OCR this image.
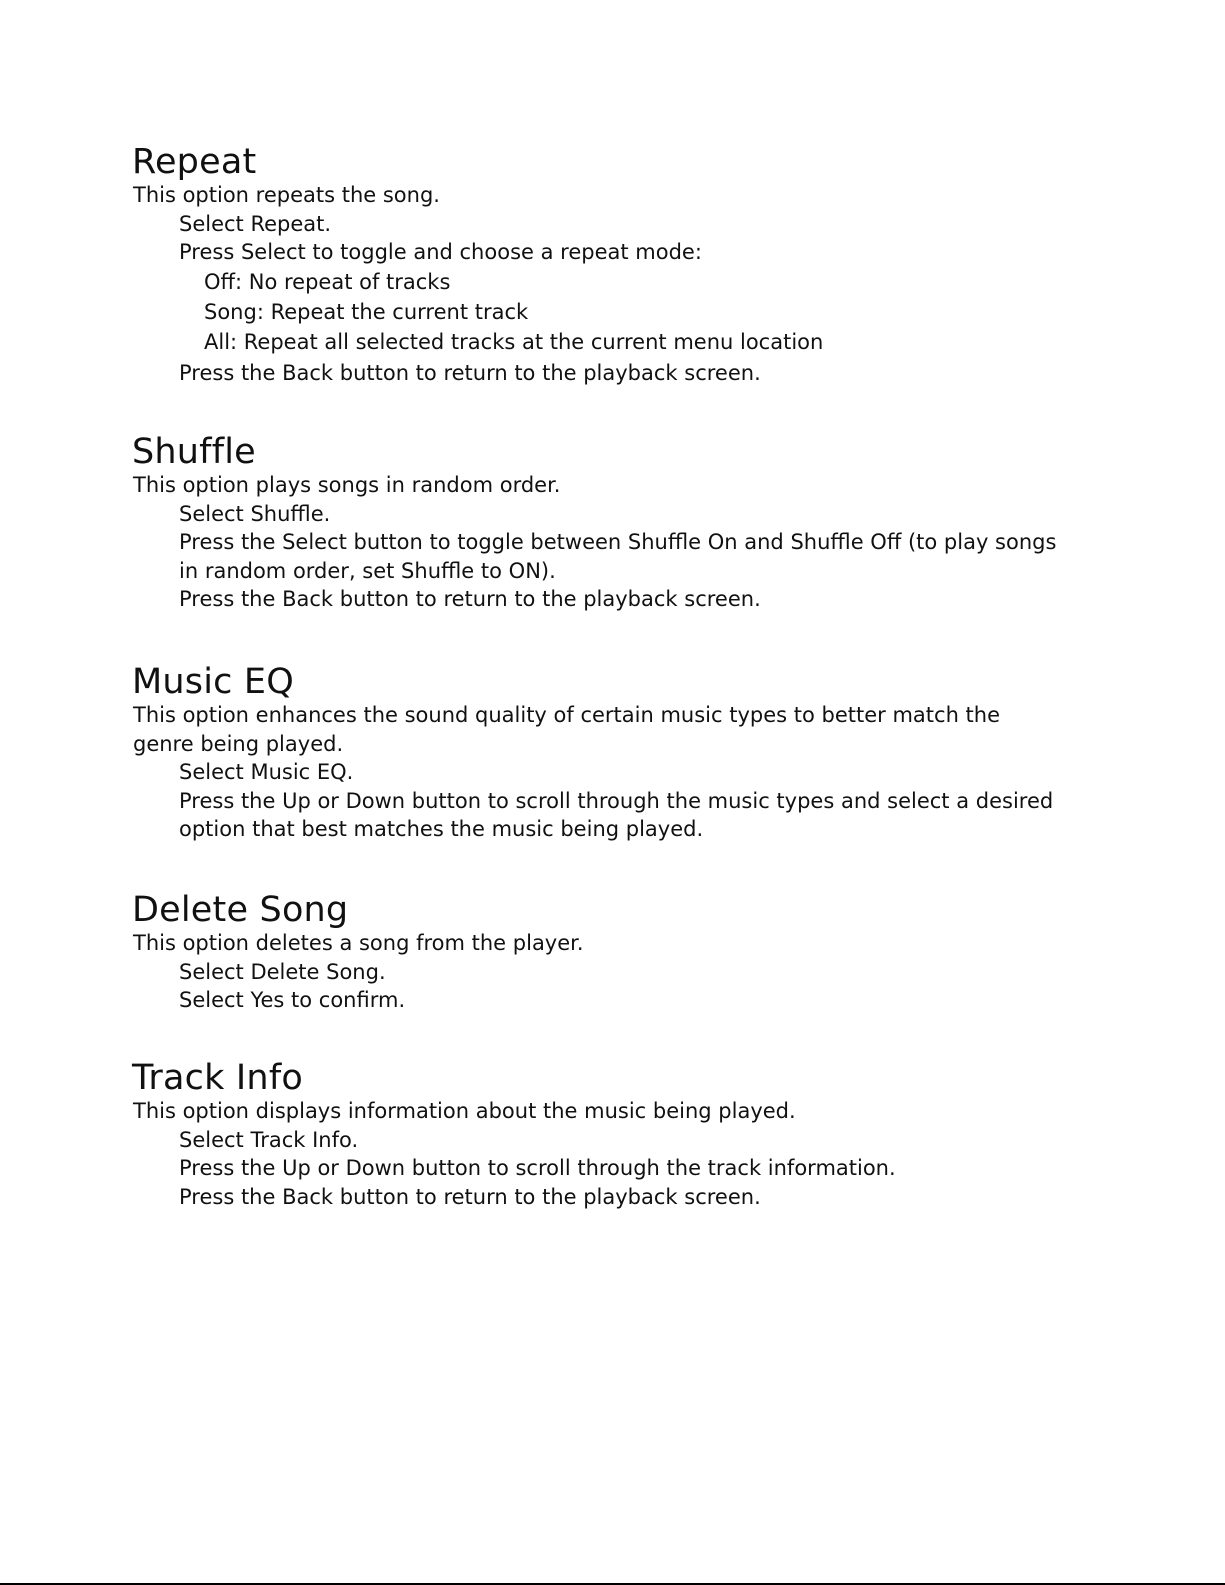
Repeat

This option repeats the song.

Select Repeat.

Press Select to toggle and choose a repeat mode:

Off: No repeat of tracks

Song: Repeat the current track

All: Repeat all selected tracks at the current menu location

Press the Back button to return to the playback screen.

Shuffle

This option plays songs in random order.

Select Shuffle.

Press the Select button to toggle between Shuffle On and Shuffle Off (to play songs in random order, set Shuffle to ON).

Press the Back button to return to the playback screen.

Music EQ

This option enhances the sound quality of certain music types to better match the genre being played.

Select Music EQ.

Press the Up or Down button to scroll through the music types and select a desired option that best matches the music being played.

Delete Song

This option deletes a song from the player.

Select Delete Song.

Select Yes to confirm.

Track Info

This option displays information about the music being played.

Select Track Info.

Press the Up or Down button to scroll through the track information.

Press the Back button to return to the playback screen.
